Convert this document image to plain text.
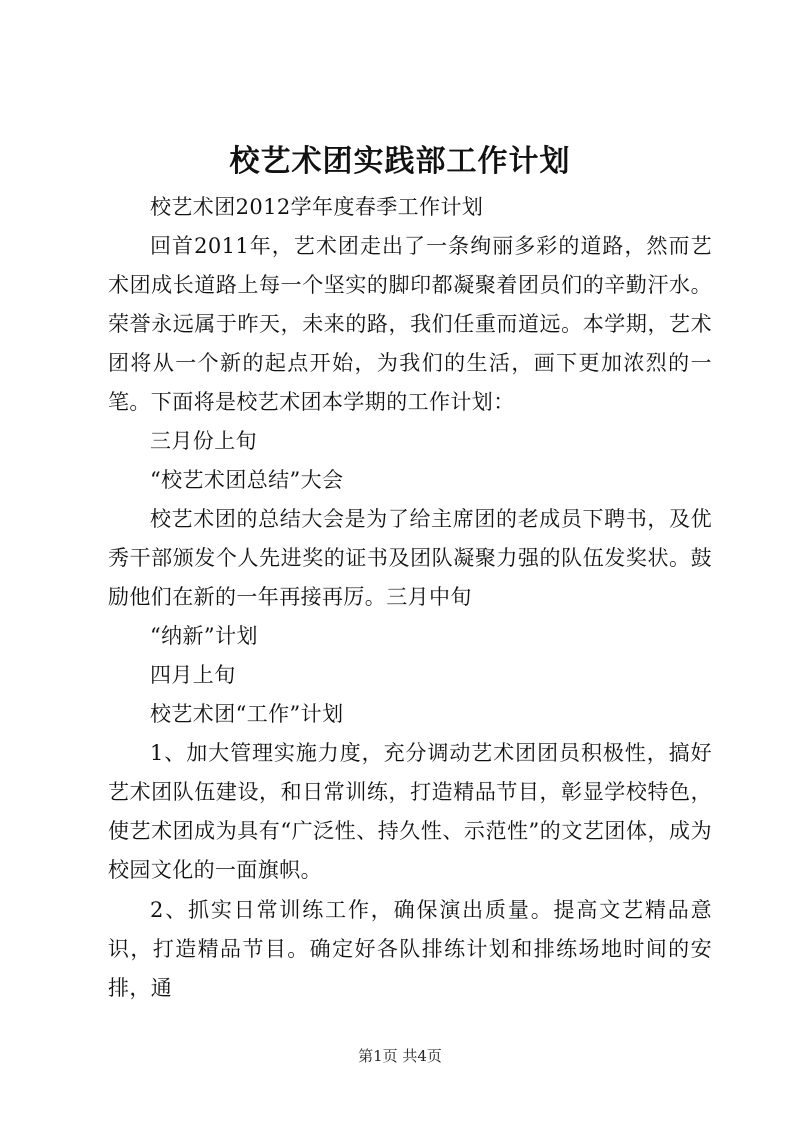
校艺术团实践部工作计划

校艺术团2012学年度春季工作计划

回首2011年，艺术团走出了一条绚丽多彩的道路，然而艺术团成长道路上每一个坚实的脚印都凝聚着团员们的辛勤汗水。荣誉永远属于昨天，未来的路，我们任重而道远。本学期，艺术团将从一个新的起点开始，为我们的生活，画下更加浓烈的一笔。下面将是校艺术团本学期的工作计划：

三月份上旬

“校艺术团总结”大会

校艺术团的总结大会是为了给主席团的老成员下聘书，及优秀干部颁发个人先进奖的证书及团队凝聚力强的队伍发奖状。鼓励他们在新的一年再接再厉。三月中旬

“纳新”计划

四月上旬

校艺术团“工作”计划

1、加大管理实施力度，充分调动艺术团团员积极性，搞好艺术团队伍建设，和日常训练，打造精品节目，彰显学校特色，使艺术团成为具有“广泛性、持久性、示范性”的文艺团体，成为校园文化的一面旗帜。

2、抓实日常训练工作，确保演出质量。提高文艺精品意识，打造精品节目。确定好各队排练计划和排练场地时间的安排，通

第1页 共4页
